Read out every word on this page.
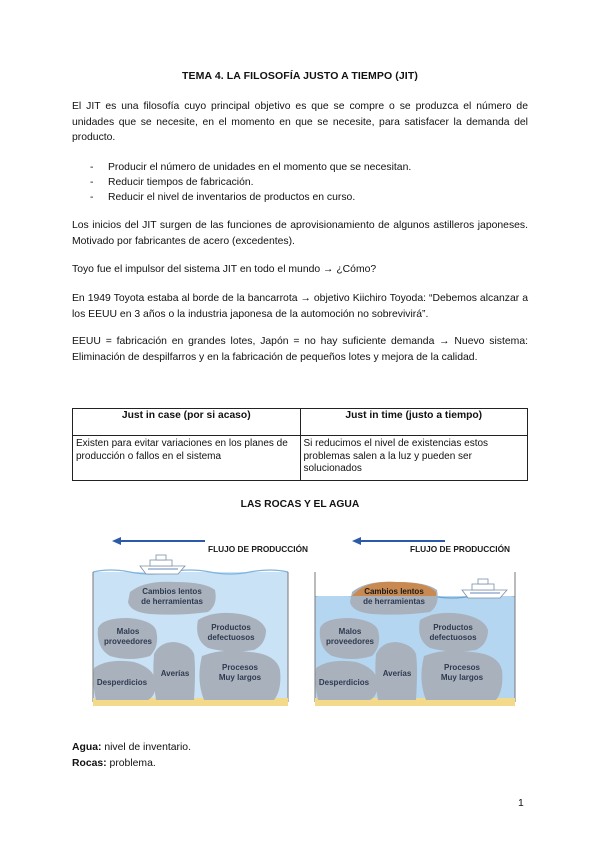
TEMA 4. LA FILOSOFÍA JUSTO A TIEMPO (JIT)
El JIT es una filosofía cuyo principal objetivo es que se compre o se produzca el número de unidades que se necesite, en el momento en que se necesite, para satisfacer la demanda del producto.
- Producir el número de unidades en el momento que se necesitan.
- Reducir tiempos de fabricación.
- Reducir el nivel de inventarios de productos en curso.
Los inicios del JIT surgen de las funciones de aprovisionamiento de algunos astilleros japoneses. Motivado por fabricantes de acero (excedentes).
Toyo fue el impulsor del sistema JIT en todo el mundo → ¿Cómo?
En 1949 Toyota estaba al borde de la bancarrota → objetivo Kiichiro Toyoda: “Debemos alcanzar a los EEUU en 3 años o la industria japonesa de la automoción no sobrevivirá”.
EEUU = fabricación en grandes lotes, Japón = no hay suficiente demanda → Nuevo sistema: Eliminación de despilfarros y en la fabricación de pequeños lotes y mejora de la calidad.
Just in case (por si acaso)	Just in time (justo a tiempo)
Existen para evitar variaciones en los planes de producción o fallos en el sistema	Si reducimos el nivel de existencias estos problemas salen a la luz y pueden ser solucionados
LAS ROCAS Y EL AGUA
FLUJO DE PRODUCCIÓN
Cambios lentos
de herramientas
Malos
proveedores
Productos
defectuosos
Averías
Procesos
Muy largos
Desperdicios
FLUJO DE PRODUCCIÓN
Cambios lentos
de herramientas
Malos
proveedores
Productos
defectuosos
Averías
Procesos
Muy largos
Desperdicios
Agua: nivel de inventario.
Rocas: problema.
1
